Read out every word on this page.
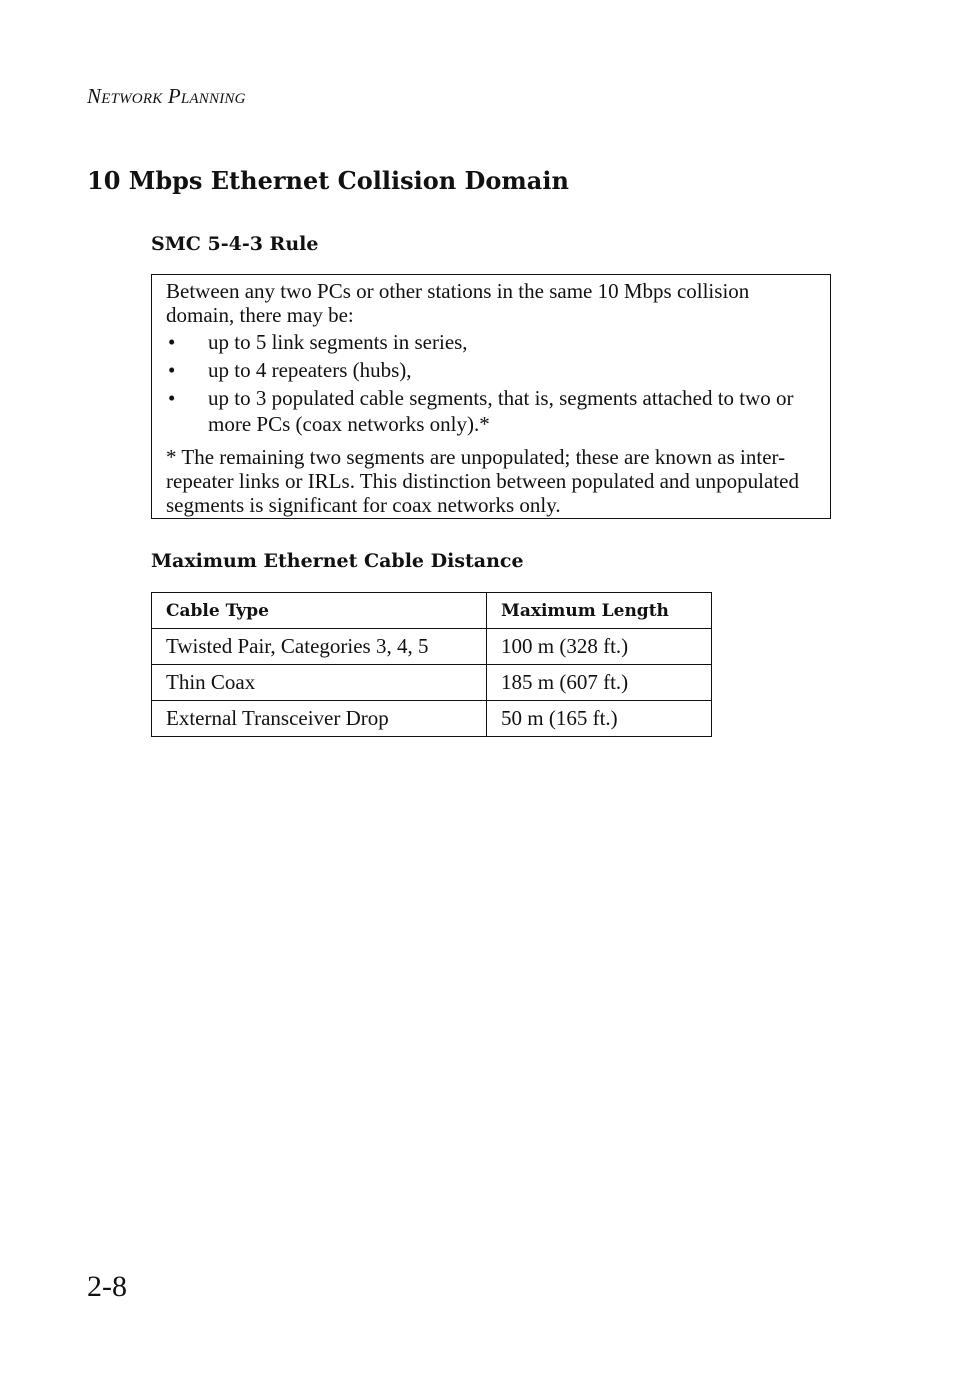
Network Planning

10 Mbps Ethernet Collision Domain
SMC 5-4-3 Rule

Between any two PCs or other stations in the same 10 Mbps collision domain, there may be:

• up to 5 link segments in series,
• up to 4 repeaters (hubs),
• up to 3 populated cable segments, that is, segments attached to two or more PCs (coax networks only).*

* The remaining two segments are unpopulated; these are known as inter-repeater links or IRLs. This distinction between populated and unpopulated segments is significant for coax networks only.

Maximum Ethernet Cable Distance
Cable Type	Maximum Length
Twisted Pair, Categories 3, 4, 5	100 m (328 ft.)
Thin Coax	185 m (607 ft.)
External Transceiver Drop	50 m (165 ft.)

2-8
